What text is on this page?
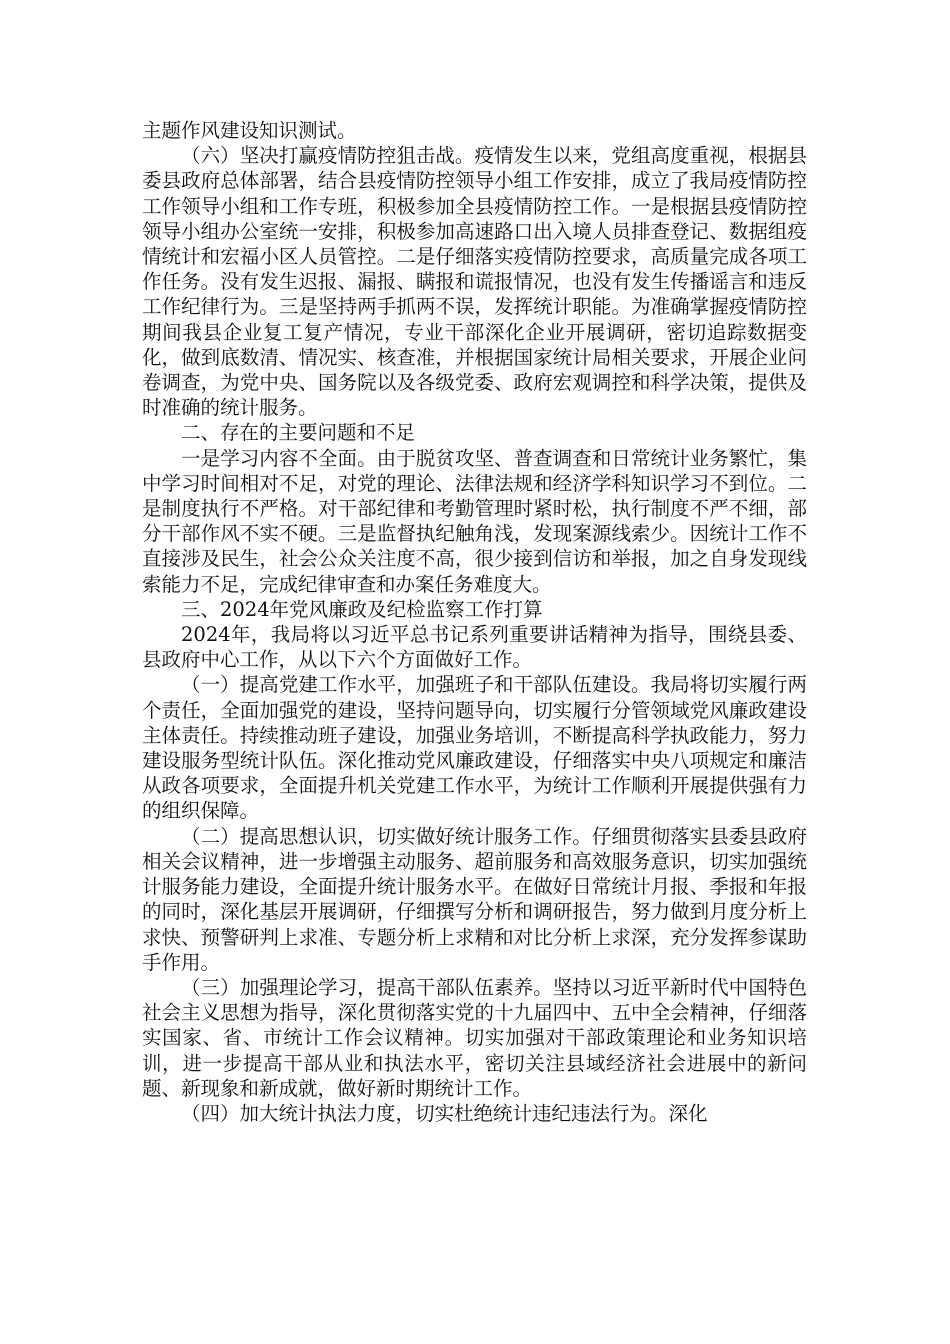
主题作风建设知识测试。

（六）坚决打赢疫情防控狙击战。疫情发生以来，党组高度重视，根据县委县政府总体部署，结合县疫情防控领导小组工作安排，成立了我局疫情防控工作领导小组和工作专班，积极参加全县疫情防控工作。一是根据县疫情防控领导小组办公室统一安排，积极参加高速路口出入境人员排查登记、数据组疫情统计和宏福小区人员管控。二是仔细落实疫情防控要求，高质量完成各项工作任务。没有发生迟报、漏报、瞒报和谎报情况，也没有发生传播谣言和违反工作纪律行为。三是坚持两手抓两不误，发挥统计职能。为准确掌握疫情防控期间我县企业复工复产情况，专业干部深化企业开展调研，密切追踪数据变化，做到底数清、情况实、核查准，并根据国家统计局相关要求，开展企业问卷调查，为党中央、国务院以及各级党委、政府宏观调控和科学决策，提供及时准确的统计服务。

二、存在的主要问题和不足

一是学习内容不全面。由于脱贫攻坚、普查调查和日常统计业务繁忙，集中学习时间相对不足，对党的理论、法律法规和经济学科知识学习不到位。二是制度执行不严格。对干部纪律和考勤管理时紧时松，执行制度不严不细，部分干部作风不实不硬。三是监督执纪触角浅，发现案源线索少。因统计工作不直接涉及民生，社会公众关注度不高，很少接到信访和举报，加之自身发现线索能力不足，完成纪律审查和办案任务难度大。

三、2024年党风廉政及纪检监察工作打算

2024年，我局将以习近平总书记系列重要讲话精神为指导，围绕县委、县政府中心工作，从以下六个方面做好工作。

（一）提高党建工作水平，加强班子和干部队伍建设。我局将切实履行两个责任，全面加强党的建设，坚持问题导向，切实履行分管领域党风廉政建设主体责任。持续推动班子建设，加强业务培训，不断提高科学执政能力，努力建设服务型统计队伍。深化推动党风廉政建设，仔细落实中央八项规定和廉洁从政各项要求，全面提升机关党建工作水平，为统计工作顺利开展提供强有力的组织保障。

（二）提高思想认识，切实做好统计服务工作。仔细贯彻落实县委县政府相关会议精神，进一步增强主动服务、超前服务和高效服务意识，切实加强统计服务能力建设，全面提升统计服务水平。在做好日常统计月报、季报和年报的同时，深化基层开展调研，仔细撰写分析和调研报告，努力做到月度分析上求快、预警研判上求准、专题分析上求精和对比分析上求深，充分发挥参谋助手作用。

（三）加强理论学习，提高干部队伍素养。坚持以习近平新时代中国特色社会主义思想为指导，深化贯彻落实党的十九届四中、五中全会精神，仔细落实国家、省、市统计工作会议精神。切实加强对干部政策理论和业务知识培训，进一步提高干部从业和执法水平，密切关注县域经济社会进展中的新问题、新现象和新成就，做好新时期统计工作。

（四）加大统计执法力度，切实杜绝统计违纪违法行为。深化
